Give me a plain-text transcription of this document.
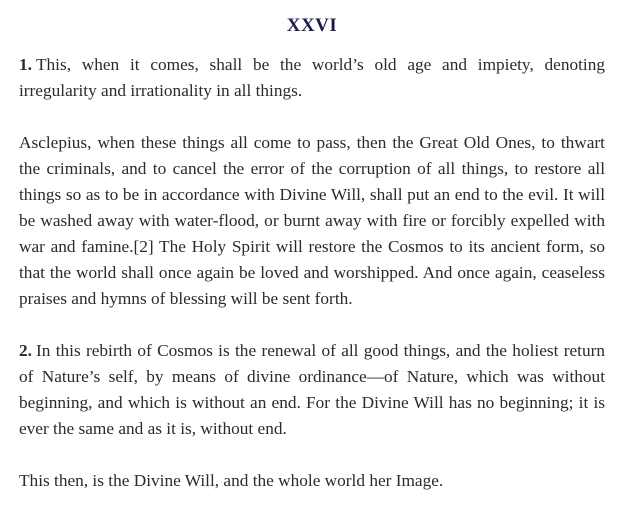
XXVI

1. This, when it comes, shall be the world’s old age and impiety, denoting irregularity and irrationality in all things.

Asclepius, when these things all come to pass, then the Great Old Ones, to thwart the criminals, and to cancel the error of the corruption of all things, to restore all things so as to be in accordance with Divine Will, shall put an end to the evil. It will be washed away with water-flood, or burnt away with fire or forcibly expelled with war and famine.[2] The Holy Spirit will restore the Cosmos to its ancient form, so that the world shall once again be loved and worshipped. And once again, ceaseless praises and hymns of blessing will be sent forth.

2. In this rebirth of Cosmos is the renewal of all good things, and the holiest return of Nature’s self, by means of divine ordinance—of Nature, which was without beginning, and which is without an end. For the Divine Will has no beginning; it is ever the same and as it is, without end.

This then, is the Divine Will, and the whole world her Image.
